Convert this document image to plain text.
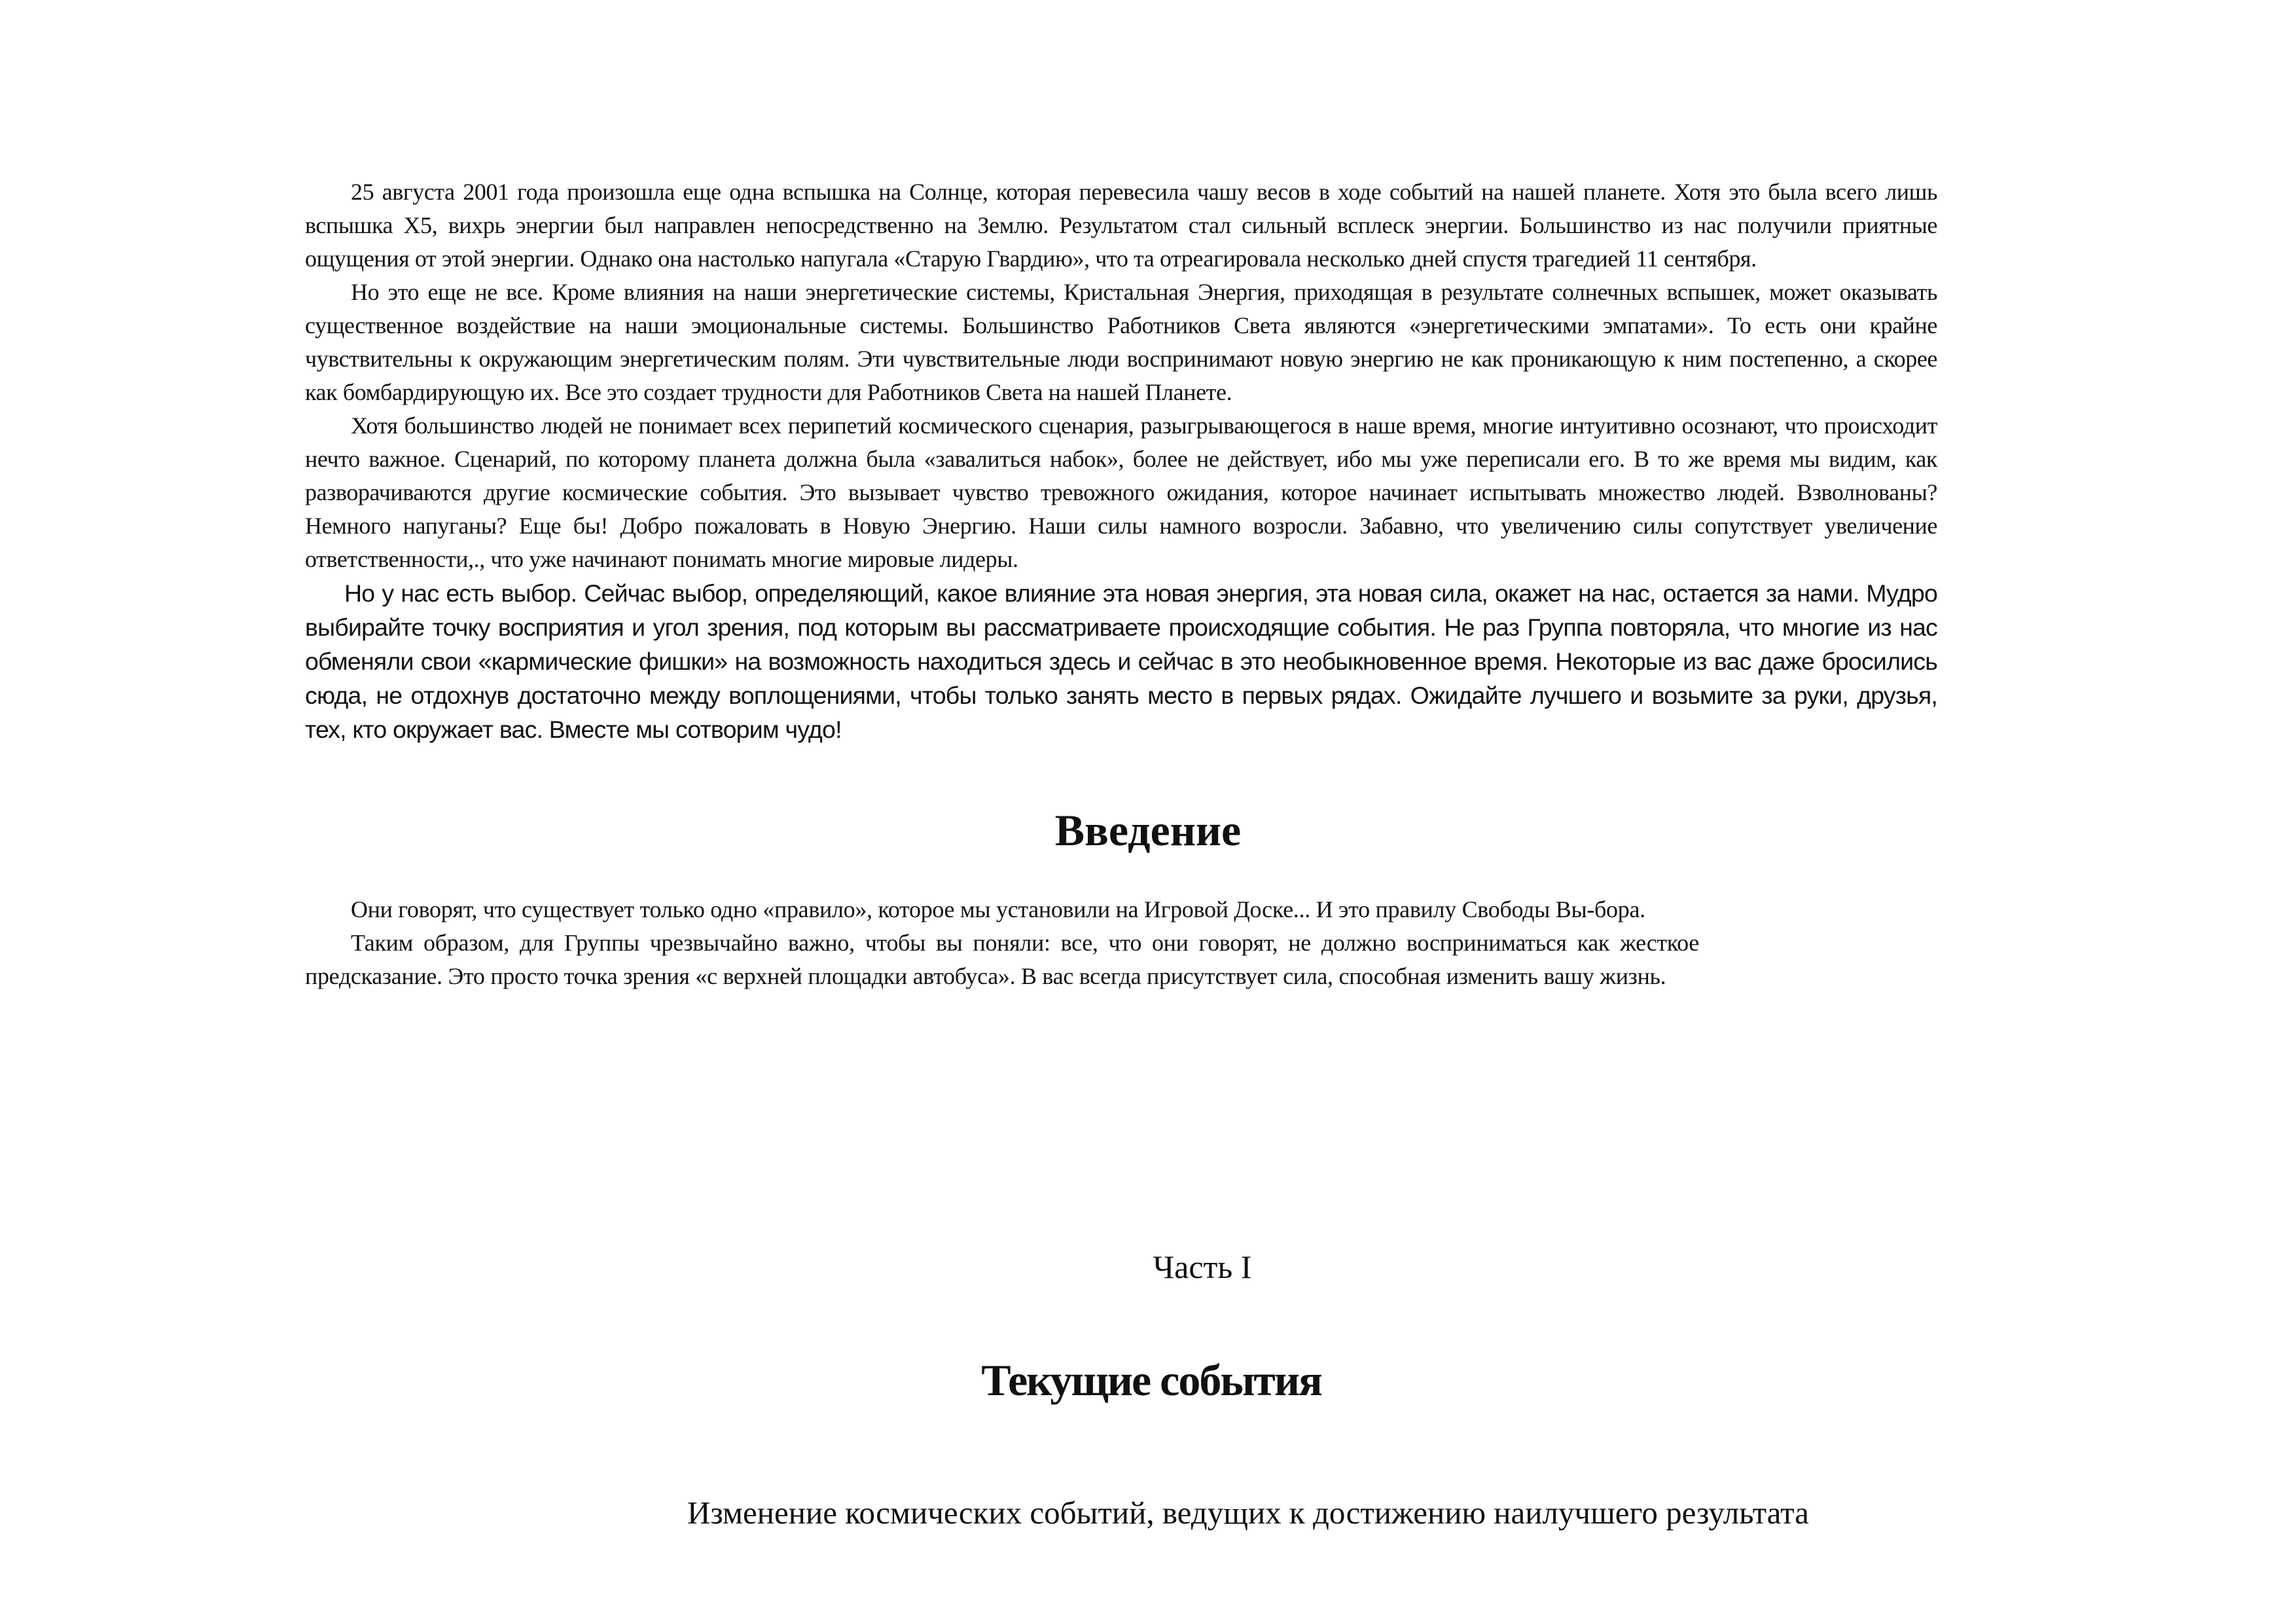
25 августа 2001 года произошла еще одна вспышка на Солнце, которая перевесила чашу весов в ходе событий на нашей планете. Хотя это была всего лишь вспышка X5, вихрь энергии был направлен непосредственно на Землю. Результатом стал сильный всплеск энергии. Большинство из нас получили приятные ощущения от этой энергии. Однако она настолько напугала «Старую Гвардию», что та отреагировала несколько дней спустя трагедией 11 сентября.

Но это еще не все. Кроме влияния на наши энергетические системы, Кристальная Энергия, приходящая в результате солнечных вспышек, может оказывать существенное воздействие на наши эмоциональные системы. Большинство Работников Света являются «энергетическими эмпатами». То есть они крайне чувствительны к окружающим энергетическим полям. Эти чувствительные люди воспринимают новую энергию не как проникающую к ним постепенно, а скорее как бомбардирующую их. Все это создает трудности для Работников Света на нашей Планете.

Хотя большинство людей не понимает всех перипетий космического сценария, разыгрывающегося в наше время, многие интуитивно осознают, что происходит нечто важное. Сценарий, по которому планета должна была «завалиться набок», более не действует, ибо мы уже переписали его. В то же время мы видим, как разворачиваются другие космические события. Это вызывает чувство тревожного ожидания, которое начинает испытывать множество людей. Взволнованы? Немного напуганы? Еще бы! Добро пожаловать в Новую Энергию. Наши силы намного возросли. Забавно, что увеличению силы сопутствует увеличение ответственности,., что уже начинают понимать многие мировые лидеры.

Но у нас есть выбор. Сейчас выбор, определяющий, какое влияние эта новая энергия, эта новая сила, окажет на нас, остается за нами. Мудро выбирайте точку восприятия и угол зрения, под которым вы рассматриваете происходящие события. Не раз Группа повторяла, что многие из нас обменяли свои «кармические фишки» на возможность находиться здесь и сейчас в это необыкновенное время. Некоторые из вас даже бросились сюда, не отдохнув достаточно между воплощениями, чтобы только занять место в первых рядах. Ожидайте лучшего и возьмите за руки, друзья, тех, кто окружает вас. Вместе мы сотворим чудо!

Введение

Они говорят, что существует только одно «правило», которое мы установили на Игровой Доске... И это правилу Свободы Вы-бора.

Таким образом, для Группы чрезвычайно важно, чтобы вы поняли: все, что они говорят, не должно восприниматься как жесткое предсказание. Это просто точка зрения «с верхней площадки автобуса». В вас всегда присутствует сила, способная изменить вашу жизнь.

Часть I
Текущие события
Изменение космических событий, ведущих к достижению наилучшего результата
